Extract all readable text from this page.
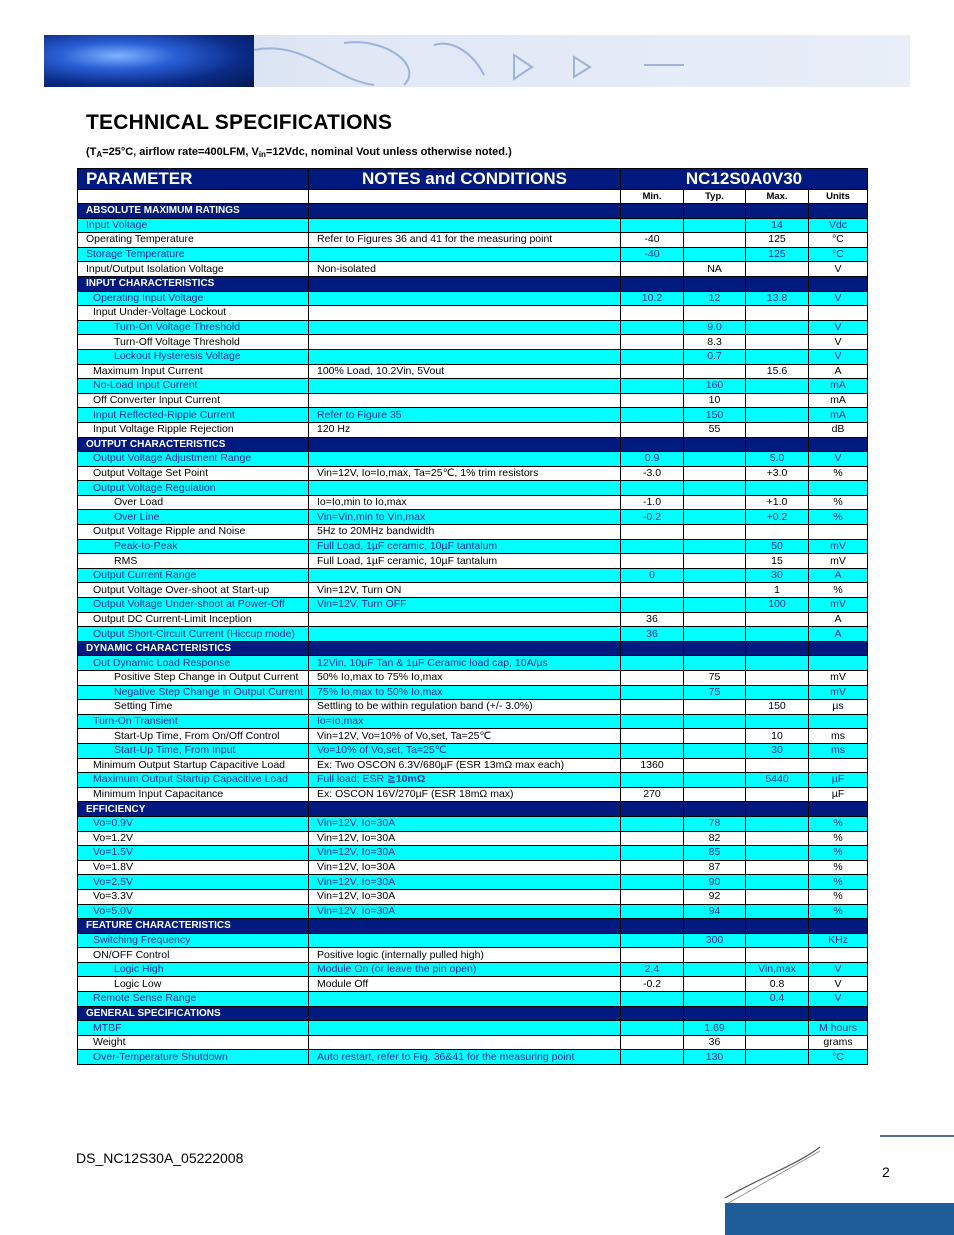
TECHNICAL SPECIFICATIONS
($T_A=25^\circ C$, airflow rate=400LFM, $V_{in}=12Vdc$, nominal Vout unless otherwise noted.)
PARAMETER	NOTES and CONDITIONS	NC12S0A0V30			
		Min.	Typ.	Max.	Units
ABSOLUTE MAXIMUM RATINGS					
Input Voltage				14	Vdc
Operating Temperature	Refer to Figures 36 and 41 for the measuring point	-40		125	°C
Storage Temperature		-40		125	°C
Input/Output Isolation Voltage	Non-isolated		NA		V
INPUT CHARACTERISTICS					
Operating Input Voltage		10.2	12	13.8	V
Input Under-Voltage Lockout					
Turn-On Voltage Threshold			9.0		V
Turn-Off Voltage Threshold			8.3		V
Lockout Hysteresis Voltage			0.7		V
Maximum Input Current	100% Load, 10.2Vin, 5Vout			15.6	A
No-Load Input Current			160		mA
Off Converter Input Current			10		mA
Input Reflected-Ripple Current	Refer to Figure 35		150		mA
Input Voltage Ripple Rejection	120 Hz		55		dB
OUTPUT CHARACTERISTICS					
Output Voltage Adjustment Range		0.9		5.0	V
Output Voltage Set Point	Vin=12V, Io=Io,max, Ta=25℃, 1% trim resistors	-3.0		+3.0	%
Output Voltage Regulation					
Over Load	Io=Io,min to Io,max	-1.0		+1.0	%
Over Line	Vin=Vin,min to Vin,max	-0.2		+0.2	%
Output Voltage Ripple and Noise	5Hz to 20MHz bandwidth				
Peak-to-Peak	Full Load, 1µF ceramic, 10µF tantalum			50	mV
RMS	Full Load, 1µF ceramic, 10µF tantalum			15	mV
Output Current Range		0		30	A
Output Voltage Over-shoot at Start-up	Vin=12V, Turn ON			1	%
Output Voltage Under-shoot at Power-Off	Vin=12V, Turn OFF			100	mV
Output DC Current-Limit Inception		36			A
Output Short-Circuit Current (Hiccup mode)		36			A
DYNAMIC CHARACTERISTICS					
Out Dynamic Load Response	12Vin, 10µF Tan & 1µF Ceramic load cap, 10A/µs				
Positive Step Change in Output Current	50% Io,max to 75% Io,max		75		mV
Negative Step Change in Output Current	75% Io,max to 50% Io,max		75		mV
Setting Time	Settling to be within regulation band (+/- 3.0%)			150	µs
Turn-On Transient	Io=Io,max				
Start-Up Time, From On/Off Control	Vin=12V, Vo=10% of Vo,set, Ta=25℃			10	ms
Start-Up Time, From Input	Vo=10% of Vo,set, Ta=25℃			30	ms
Minimum Output Startup Capacitive Load	Ex: Two OSCON 6.3V/680µF (ESR 13mΩ max each)	1360			
Maximum Output Startup Capacitive Load	Full load; ESR ≧10mΩ			5440	µF
Minimum Input Capacitance	Ex: OSCON 16V/270µF (ESR 18mΩ max)	270			µF
EFFICIENCY					
Vo=0.9V	Vin=12V, Io=30A		78		%
Vo=1.2V	Vin=12V, Io=30A		82		%
Vo=1.5V	Vin=12V, Io=30A		85		%
Vo=1.8V	Vin=12V, Io=30A		87		%
Vo=2.5V	Vin=12V, Io=30A		90		%
Vo=3.3V	Vin=12V, Io=30A		92		%
Vo=5.0V	Vin=12V, Io=30A		94		%
FEATURE CHARACTERISTICS					
Switching Frequency			300		KHz
ON/OFF Control	Positive logic (internally pulled high)				
Logic High	Module On (or leave the pin open)	2.4		Vin,max	V
Logic Low	Module Off	-0.2		0.8	V
Remote Sense Range				0.4	V
GENERAL SPECIFICATIONS					
MTBF			1.69		M hours
Weight			36		grams
Over-Temperature Shutdown	Auto restart, refer to Fig. 36&41 for the measuring point		130		°C
DS_NC12S30A_05222008
2
